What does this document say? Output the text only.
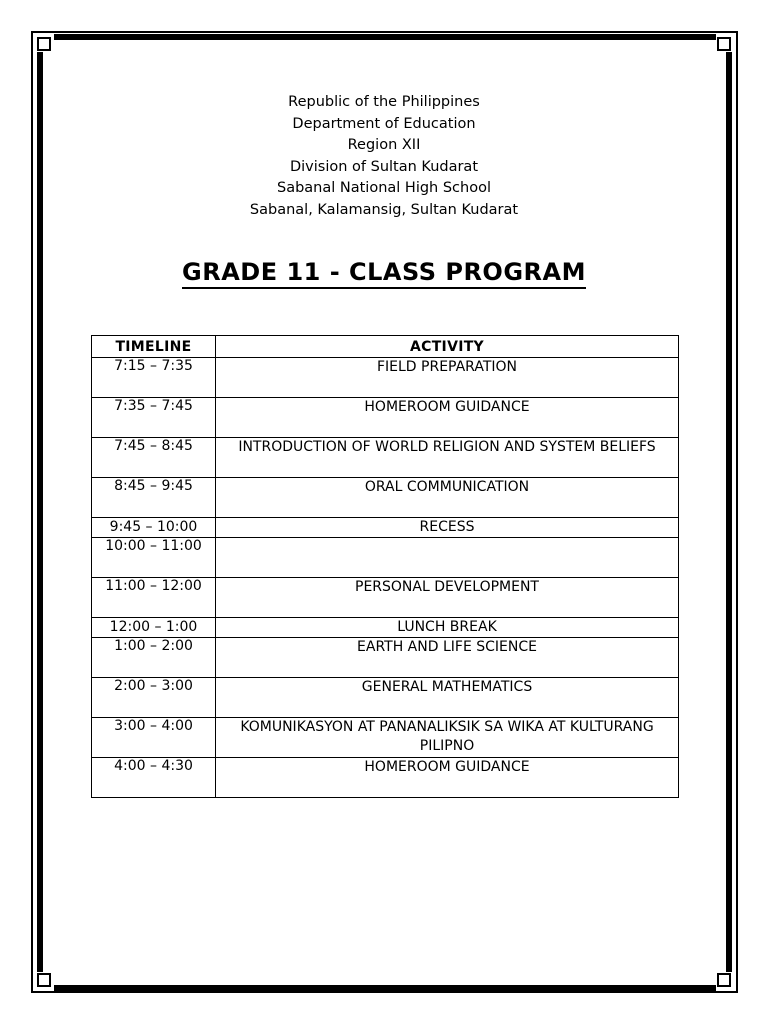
Republic of the Philippines
Department of Education
Region XII
Division of Sultan Kudarat
Sabanal National High School
Sabanal, Kalamansig, Sultan Kudarat
GRADE 11 - CLASS PROGRAM
TIMELINE	ACTIVITY
7:15 – 7:35	FIELD PREPARATION
7:35 – 7:45	HOMEROOM GUIDANCE
7:45 – 8:45	INTRODUCTION OF WORLD RELIGION AND SYSTEM BELIEFS
8:45 – 9:45	ORAL COMMUNICATION
9:45 – 10:00	RECESS
10:00 – 11:00	
11:00 – 12:00	PERSONAL DEVELOPMENT
12:00 – 1:00	LUNCH BREAK
1:00 – 2:00	EARTH AND LIFE SCIENCE
2:00 – 3:00	GENERAL MATHEMATICS
3:00 – 4:00	KOMUNIKASYON AT PANANALIKSIK SA WIKA AT KULTURANG PILIPNO
4:00 – 4:30	HOMEROOM GUIDANCE
